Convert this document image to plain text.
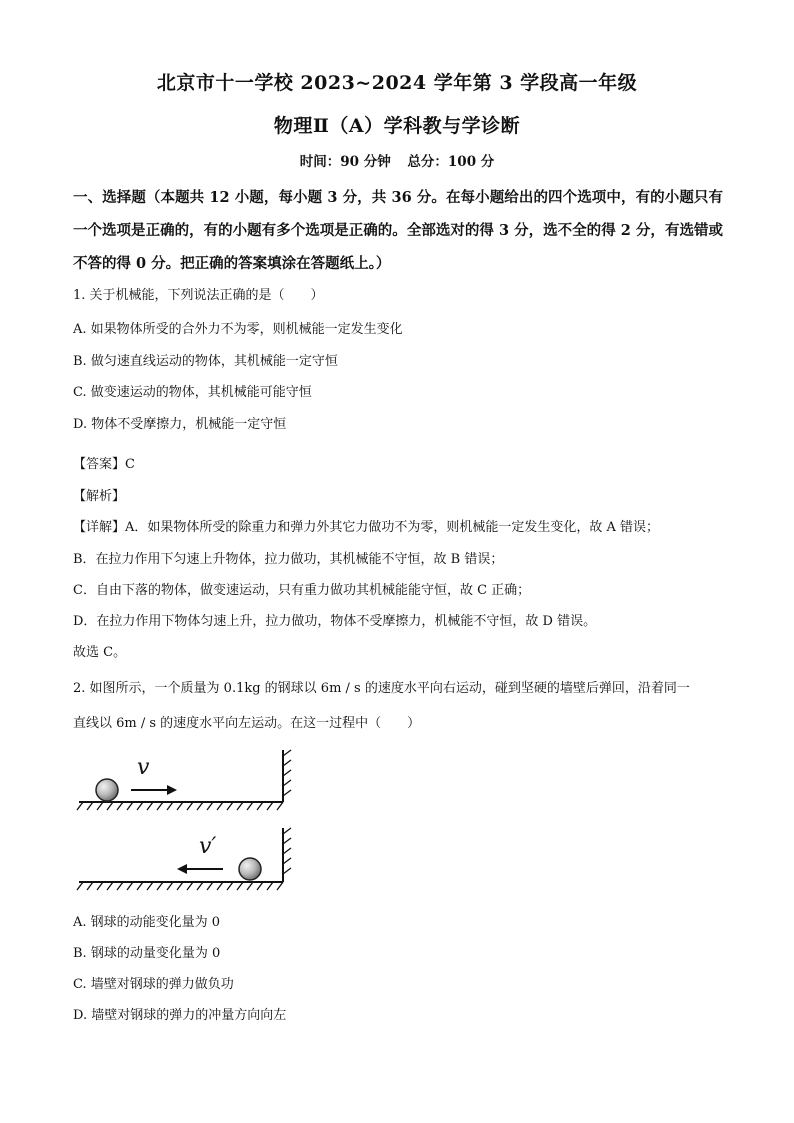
北京市十一学校 2023~2024 学年第 3 学段高一年级
物理Ⅱ（A）学科教与学诊断
时间：90 分钟 总分：100 分
一、选择题（本题共 12 小题，每小题 3 分，共 36 分。在每小题给出的四个选项中，有的小题只有一个选项是正确的，有的小题有多个选项是正确的。全部选对的得 3 分，选不全的得 2 分，有选错或不答的得 0 分。把正确的答案填涂在答题纸上。）
1. 关于机械能，下列说法正确的是（　　）
A. 如果物体所受的合外力不为零，则机械能一定发生变化
B. 做匀速直线运动的物体，其机械能一定守恒
C. 做变速运动的物体，其机械能可能守恒
D. 物体不受摩擦力，机械能一定守恒
【答案】C
【解析】
【详解】A．如果物体所受的除重力和弹力外其它力做功不为零，则机械能一定发生变化，故 A 错误；
B．在拉力作用下匀速上升物体，拉力做功，其机械能不守恒，故 B 错误；
C．自由下落的物体，做变速运动，只有重力做功其机械能能守恒，故 C 正确；
D．在拉力作用下物体匀速上升，拉力做功，物体不受摩擦力，机械能不守恒，故 D 错误。
故选 C。
2. 如图所示，一个质量为 0.1kg 的钢球以 6m / s 的速度水平向右运动，碰到坚硬的墙壁后弹回，沿着同一
直线以 6m / s 的速度水平向左运动。在这一过程中（　　）
v
v′
A. 钢球的动能变化量为 0
B. 钢球的动量变化量为 0
C. 墙壁对钢球的弹力做负功
D. 墙壁对钢球的弹力的冲量方向向左
